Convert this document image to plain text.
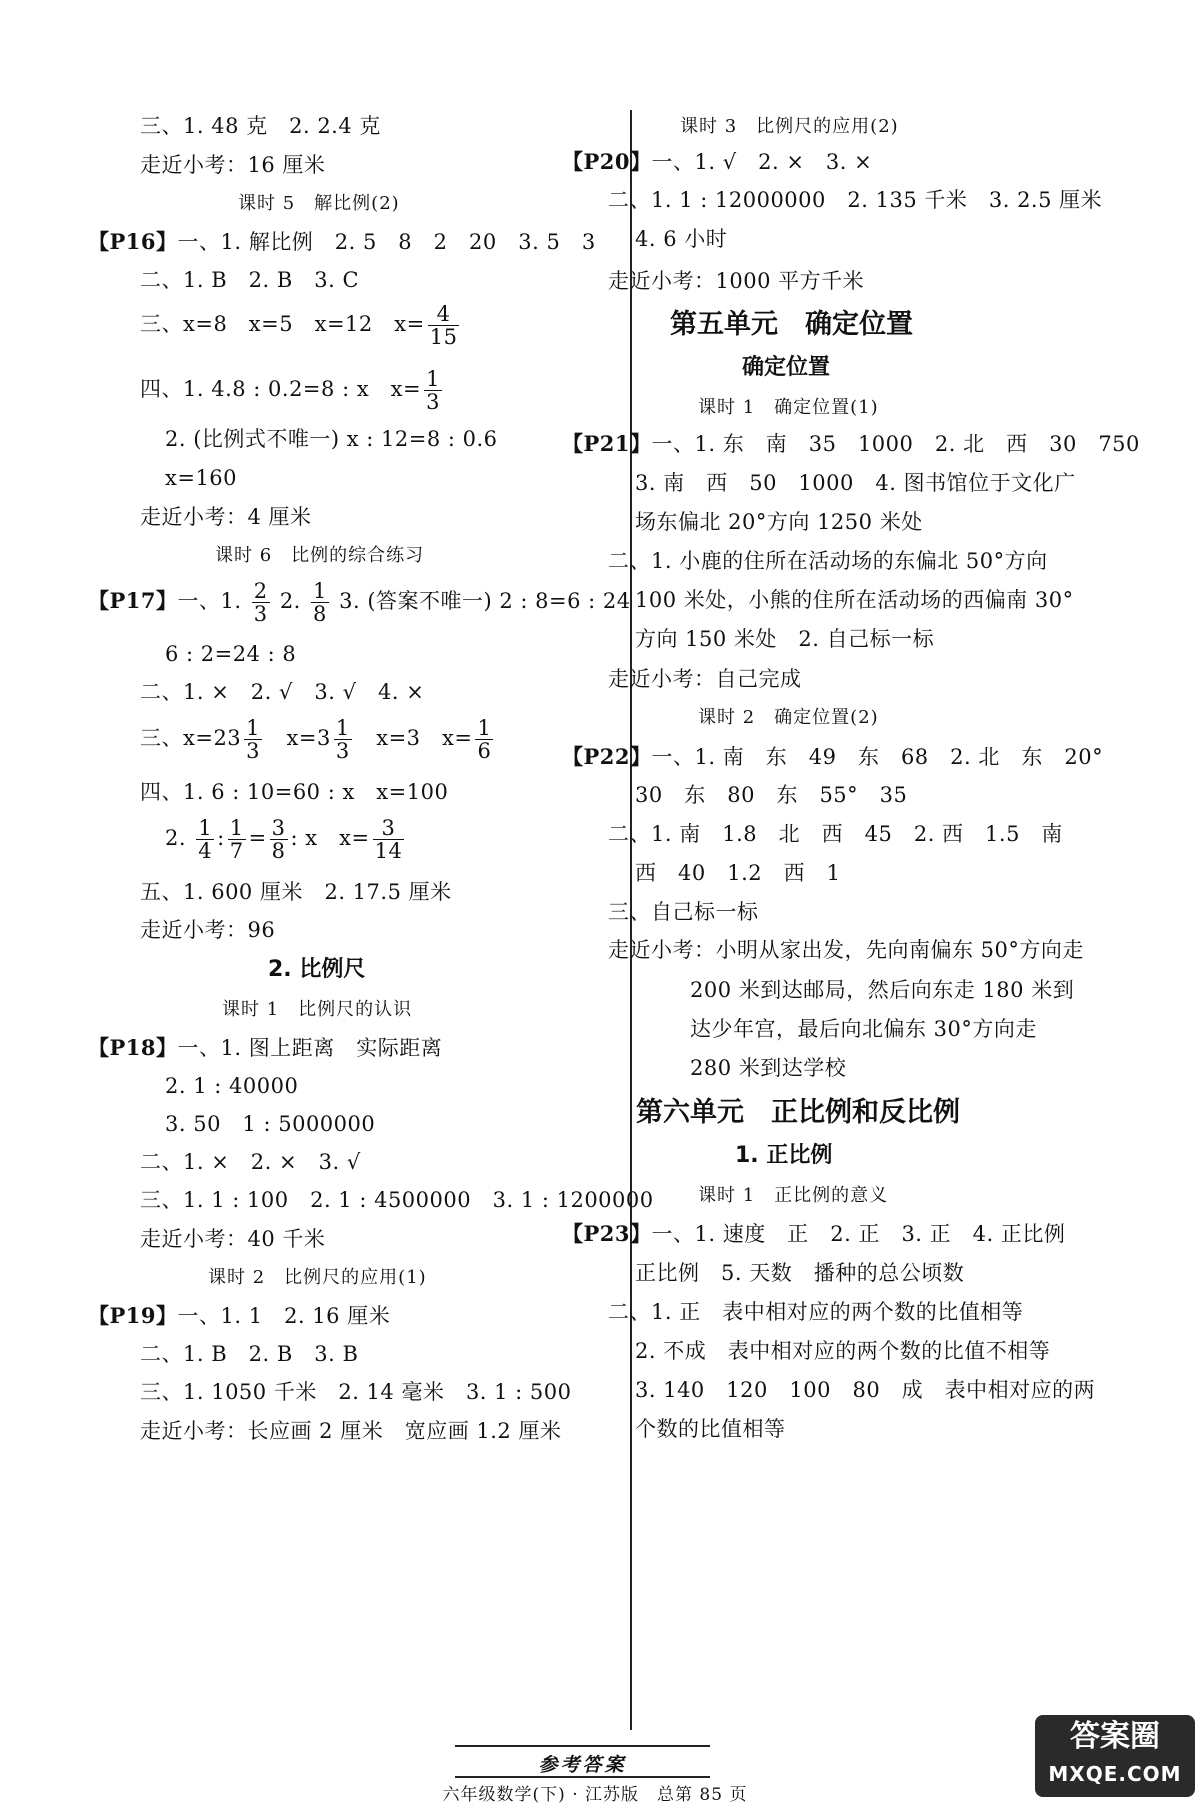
三、1. 48 克　2. 2.4 克
走近小考：16 厘米
课时 5　解比例(2)
【P16】一、1. 解比例　2. 5　8　2　20　3. 5　3
二、1. B　2. B　3. C
三、x=8　x=5　x=12　$x= \frac{4}{15}$
四、1. 4.8 : 0.2=8 : x　$x= \frac{1}{3}$
2. (比例式不唯一) x : 12=8 : 0.6
x=160
走近小考：4 厘米
课时 6　比例的综合练习
【P17】一、1. $\frac{2}{3} 2$. $\frac{1}{8} 3$. (答案不唯一) 2 : 8=6 : 24
6 : 2=24 : 8
二、1. ×　2. √　3. √　4. ×
三、$x=23 \frac{1}{3}$
　 $x=3 \frac{1}{3}$
　 x=3　$x= \frac{1}{6}$
四、1. 6 : 10=60 : x　x=100
2. $\frac{1}{4}$ : $\frac{1}{7} = \frac{3}{8}$ : x　$x= \frac{3}{14}$
五、1. 600 厘米　2. 17.5 厘米
走近小考：96
2. 比例尺
课时 1　比例尺的认识
【P18】一、1. 图上距离　实际距离
2. 1 : 40000
3. 50　1 : 5000000
二、1. ×　2. ×　3. √
三、1. 1 : 100　2. 1 : 4500000　3. 1 : 1200000
走近小考：40 千米
课时 2　比例尺的应用(1)
【P19】一、1. 1　2. 16 厘米
二、1. B　2. B　3. B
三、1. 1050 千米　2. 14 毫米　3. 1 : 500
走近小考：长应画 2 厘米　宽应画 1.2 厘米
课时 3　比例尺的应用(2)
【P20】一、1. √　2. ×　3. ×
二、1. 1 : 12000000　2. 135 千米　3. 2.5 厘米
4. 6 小时
走近小考：1000 平方千米
第五单元　确定位置
确定位置
课时 1　确定位置(1)
【P21】一、1. 东　南　35　1000　2. 北　西　30　750
3. 南　西　50　1000　4. 图书馆位于文化广
场东偏北 20°方向 1250 米处
二、1. 小鹿的住所在活动场的东偏北 50°方向
100 米处，小熊的住所在活动场的西偏南 30°
方向 150 米处　2. 自己标一标
走近小考：自己完成
课时 2　确定位置(2)
【P22】一、1. 南　东　49　东　68　2. 北　东　20°
30　东　80　东　55°　35
二、1. 南　1.8　北　西　45　2. 西　1.5　南
西　40　1.2　西　1
三、自己标一标
走近小考：小明从家出发，先向南偏东 50°方向走
200 米到达邮局，然后向东走 180 米到
达少年宫，最后向北偏东 30°方向走
280 米到达学校
第六单元　正比例和反比例
1. 正比例
课时 1　正比例的意义
【P23】一、1. 速度　正　2. 正　3. 正　4. 正比例
正比例　5. 天数　播种的总公顷数
二、1. 正　表中相对应的两个数的比值相等
2. 不成　表中相对应的两个数的比值不相等
3. 140　120　100　80　成　表中相对应的两
个数的比值相等
参考答案
六年级数学(下) · 江苏版　总第 85 页
答案圈
MXQE.COM
